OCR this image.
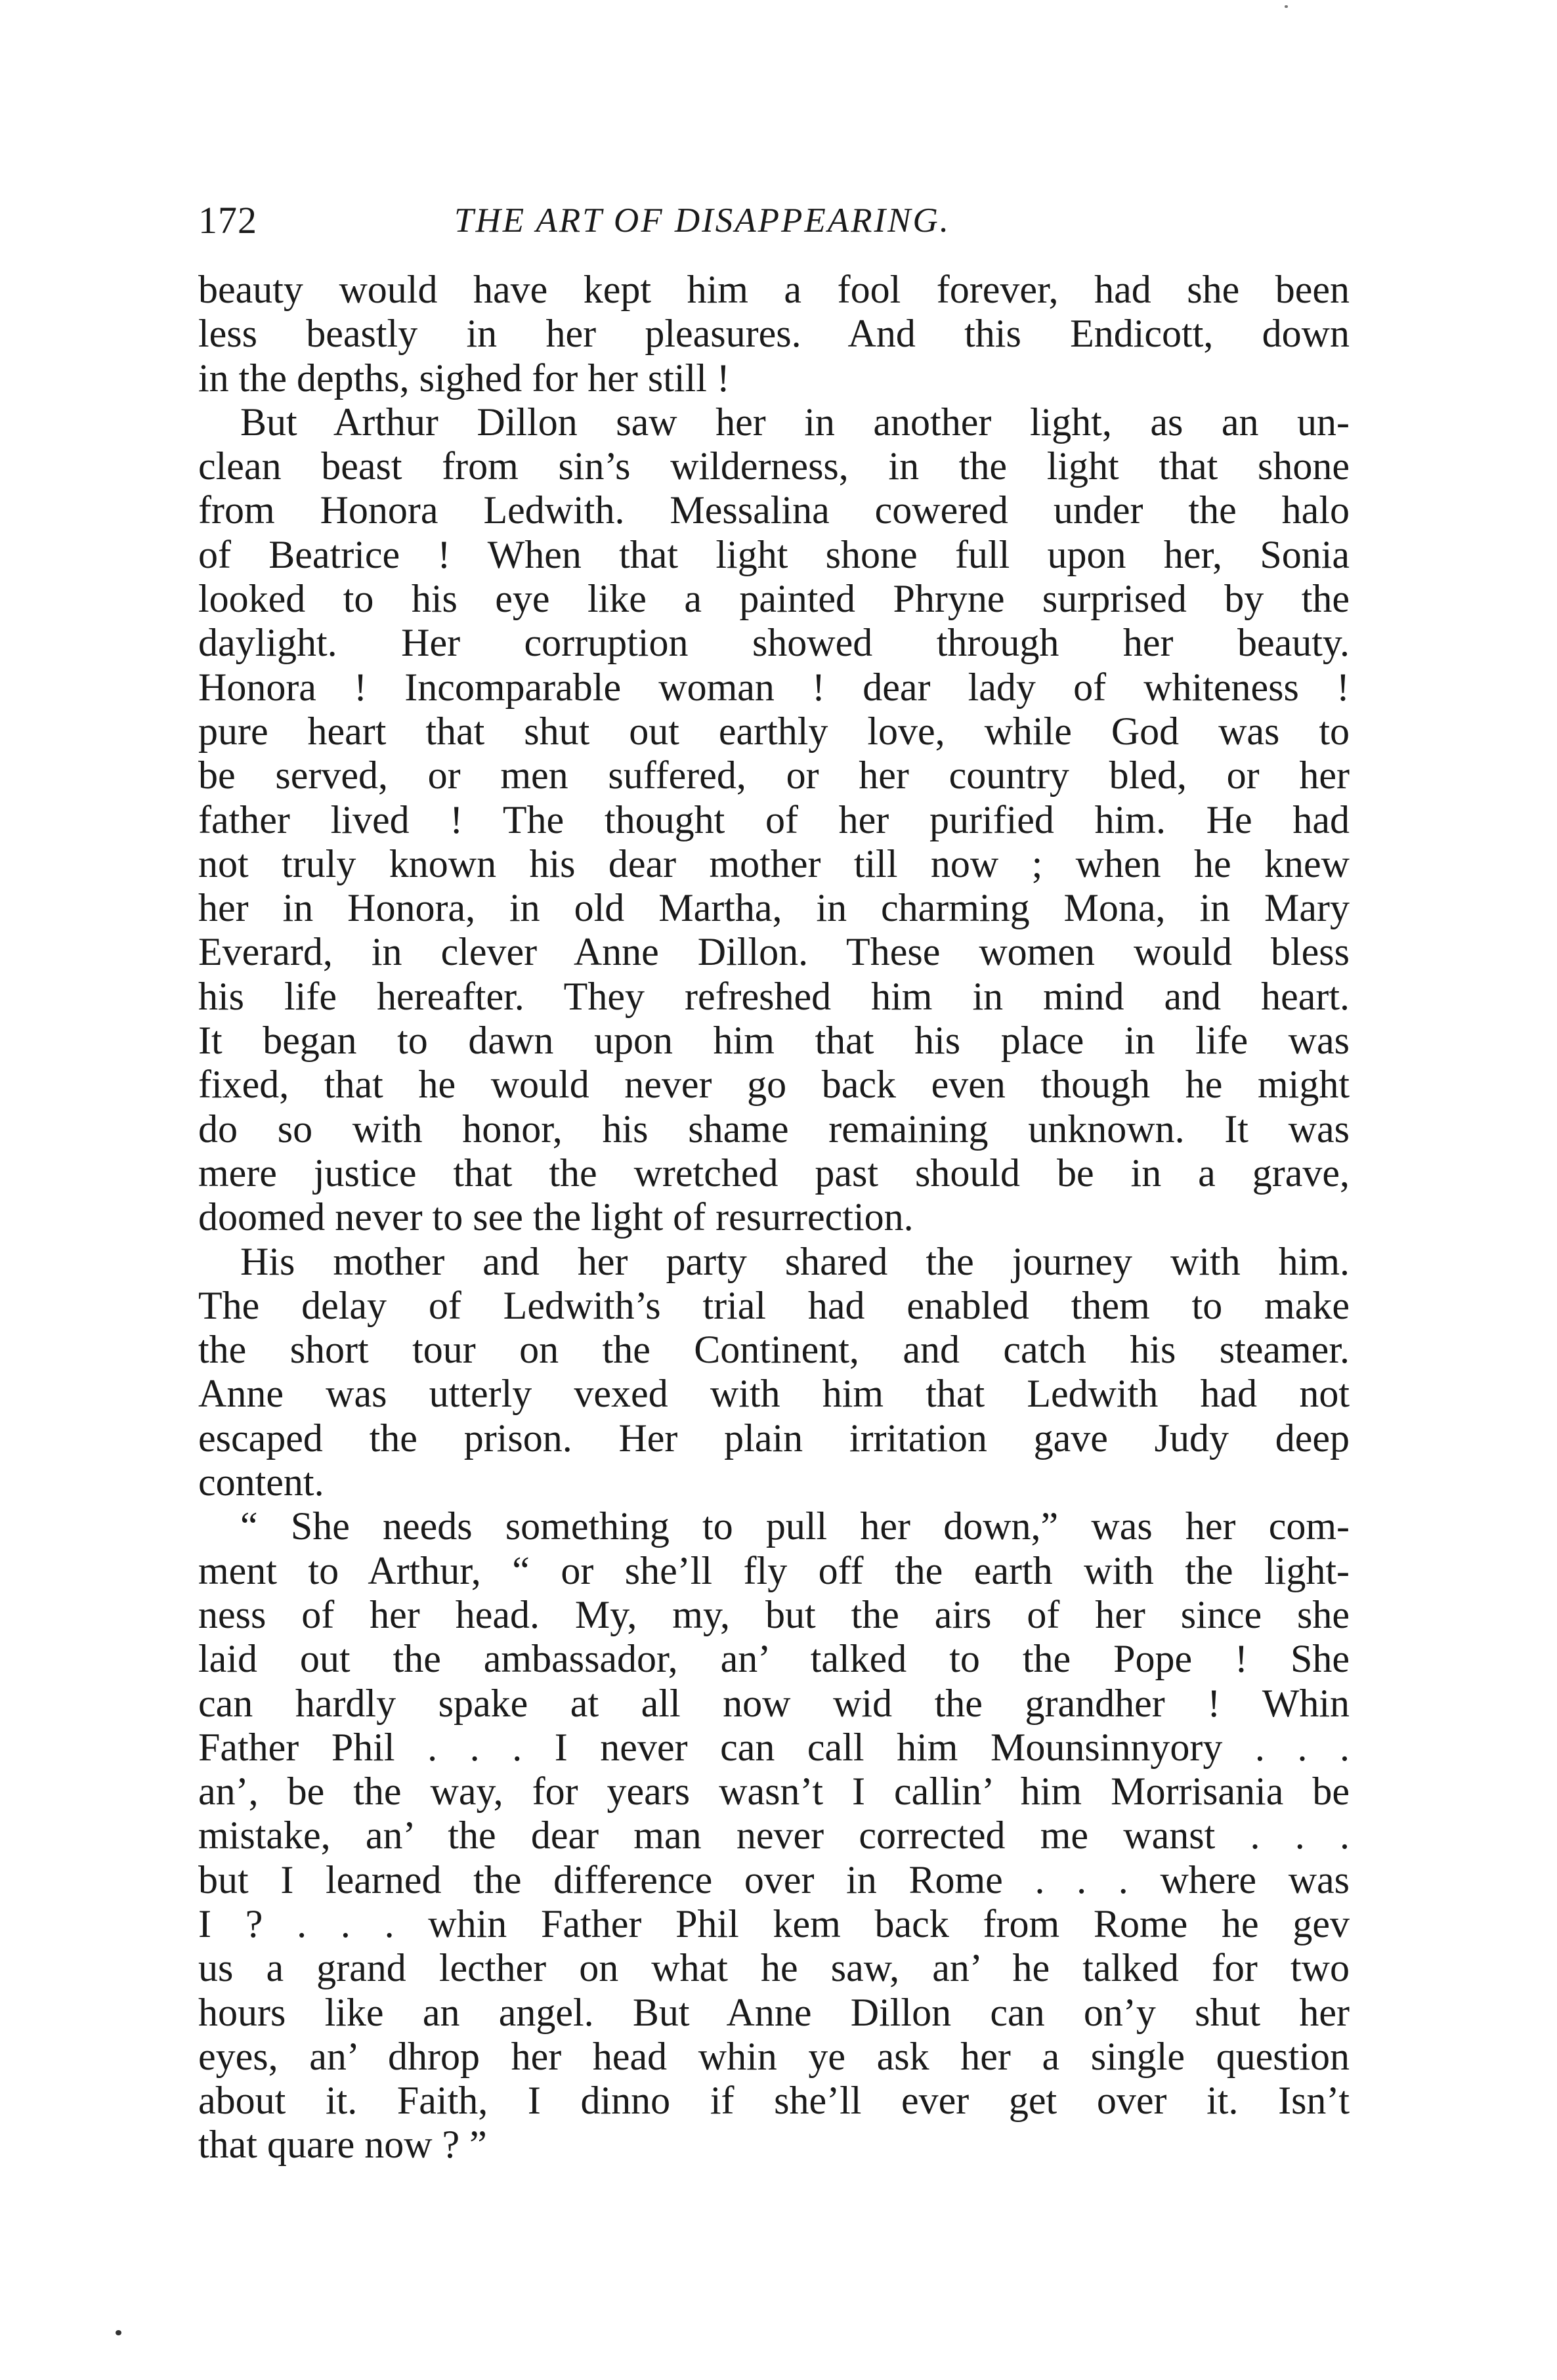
172	THE ART OF DISAPPEARING.
beauty would have kept him a fool forever, had she been
less beastly in her pleasures. And this Endicott, down
in the depths, sighed for her still !
But Arthur Dillon saw her in another light, as an un-
clean beast from sin’s wilderness, in the light that shone
from Honora Ledwith. Messalina cowered under the halo
of Beatrice ! When that light shone full upon her, Sonia
looked to his eye like a painted Phryne surprised by the
daylight. Her corruption showed through her beauty.
Honora ! Incomparable woman ! dear lady of whiteness !
pure heart that shut out earthly love, while God was to
be served, or men suffered, or her country bled, or her
father lived ! The thought of her purified him. He had
not truly known his dear mother till now ; when he knew
her in Honora, in old Martha, in charming Mona, in Mary
Everard, in clever Anne Dillon. These women would bless
his life hereafter. They refreshed him in mind and heart.
It began to dawn upon him that his place in life was
fixed, that he would never go back even though he might
do so with honor, his shame remaining unknown. It was
mere justice that the wretched past should be in a grave,
doomed never to see the light of resurrection.
His mother and her party shared the journey with him.
The delay of Ledwith’s trial had enabled them to make
the short tour on the Continent, and catch his steamer.
Anne was utterly vexed with him that Ledwith had not
escaped the prison. Her plain irritation gave Judy deep
content.
“ She needs something to pull her down,” was her com-
ment to Arthur, “ or she’ll fly off the earth with the light-
ness of her head. My, my, but the airs of her since she
laid out the ambassador, an’ talked to the Pope ! She
can hardly spake at all now wid the grandher ! Whin
Father Phil . . . I never can call him Mounsinnyory . . .
an’, be the way, for years wasn’t I callin’ him Morrisania be
mistake, an’ the dear man never corrected me wanst . . .
but I learned the difference over in Rome . . . where was
I ? . . . whin Father Phil kem back from Rome he gev
us a grand lecther on what he saw, an’ he talked for two
hours like an angel. But Anne Dillon can on’y shut her
eyes, an’ dhrop her head whin ye ask her a single question
about it. Faith, I dinno if she’ll ever get over it. Isn’t
that quare now ? ”
